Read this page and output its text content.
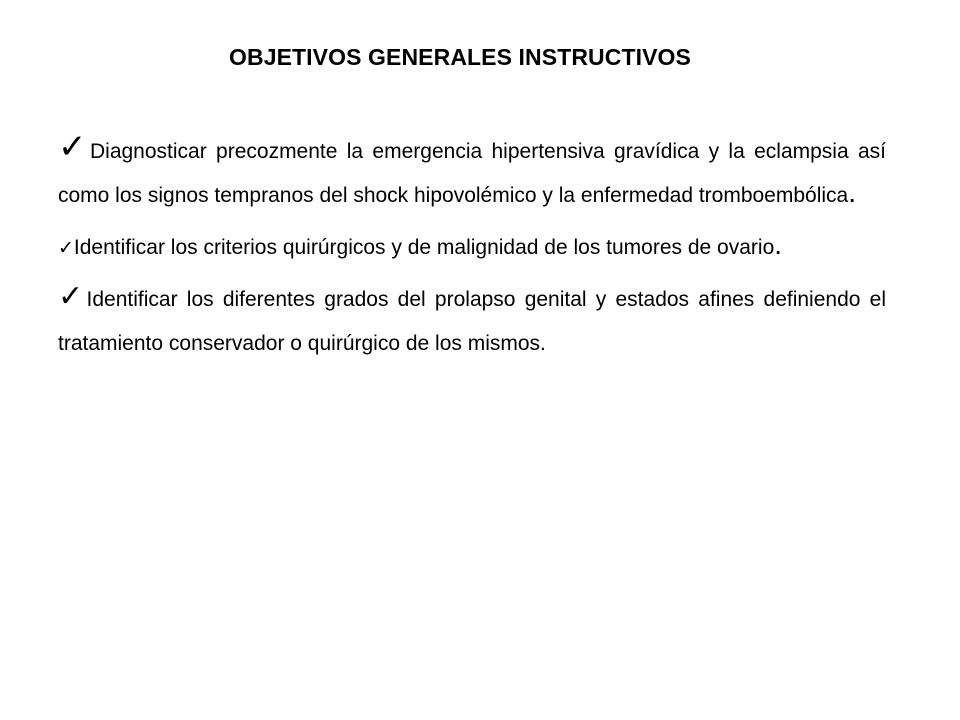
OBJETIVOS GENERALES INSTRUCTIVOS

✓Diagnosticar precozmente la emergencia hipertensiva gravídica y la eclampsia así como los signos tempranos del shock hipovolémico y la enfermedad tromboembólica.

✓Identificar los criterios quirúrgicos y de malignidad de los tumores de ovario.

✓Identificar los diferentes grados del prolapso genital y estados afines definiendo el tratamiento conservador o quirúrgico de los mismos.
